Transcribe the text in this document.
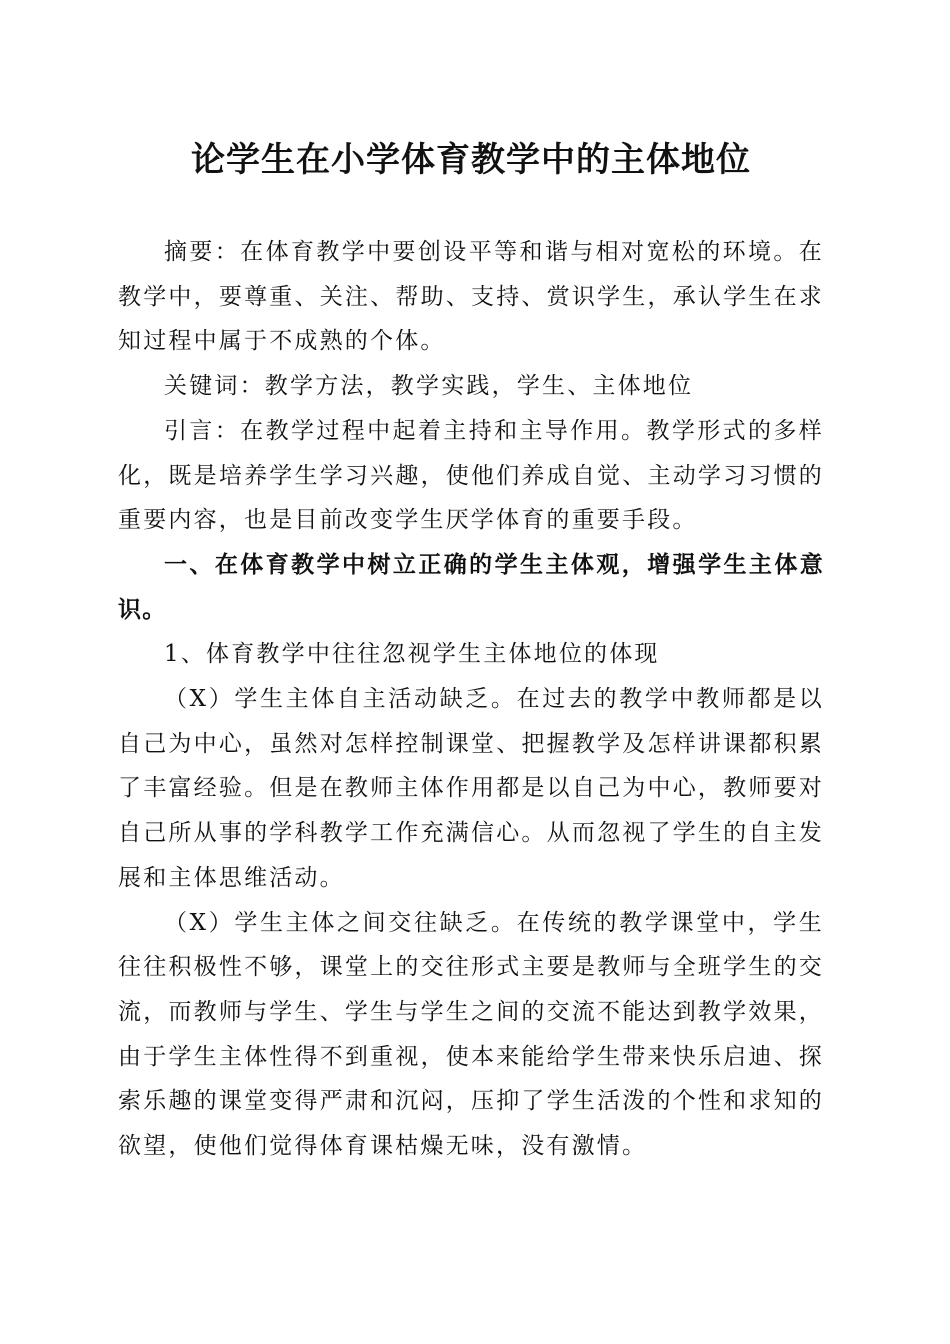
论学生在小学体育教学中的主体地位

摘要：在体育教学中要创设平等和谐与相对宽松的环境。在教学中，要尊重、关注、帮助、支持、赏识学生，承认学生在求知过程中属于不成熟的个体。

关键词：教学方法，教学实践，学生、主体地位

引言：在教学过程中起着主持和主导作用。教学形式的多样化，既是培养学生学习兴趣，使他们养成自觉、主动学习习惯的重要内容，也是目前改变学生厌学体育的重要手段。

一、在体育教学中树立正确的学生主体观，增强学生主体意识。

1、体育教学中往往忽视学生主体地位的体现

（X）学生主体自主活动缺乏。在过去的教学中教师都是以自己为中心，虽然对怎样控制课堂、把握教学及怎样讲课都积累了丰富经验。但是在教师主体作用都是以自己为中心，教师要对自己所从事的学科教学工作充满信心。从而忽视了学生的自主发展和主体思维活动。

（X）学生主体之间交往缺乏。在传统的教学课堂中，学生往往积极性不够，课堂上的交往形式主要是教师与全班学生的交流，而教师与学生、学生与学生之间的交流不能达到教学效果，由于学生主体性得不到重视，使本来能给学生带来快乐启迪、探索乐趣的课堂变得严肃和沉闷，压抑了学生活泼的个性和求知的欲望，使他们觉得体育课枯燥无味，没有激情。
